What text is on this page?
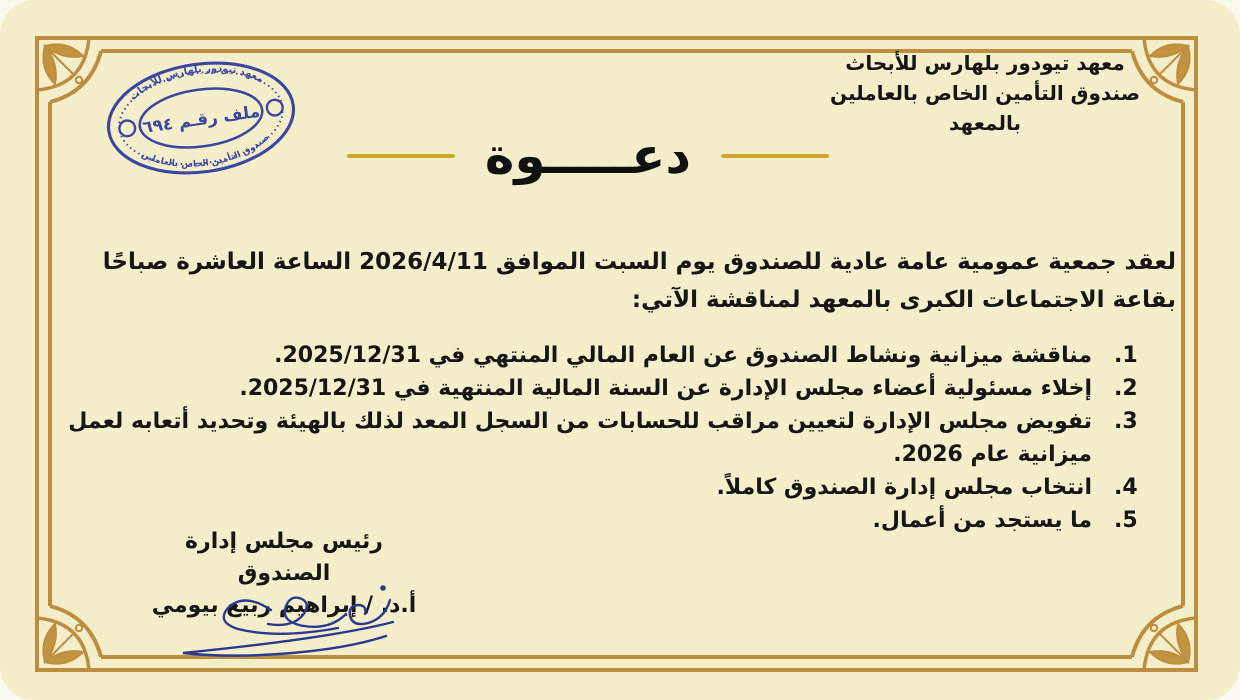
معهد تيودور بلهارس للأبحاث
صندوق التأمين الخاص بالعاملين بالمعهد
معهد تيودور بلهارس للأبحاث
صندوق التأمين الخاص بالعاملين
ملف رقـم ٦٩٤
دعـــــوة
لعقد جمعية عمومية عامة عادية للصندوق يوم السبت الموافق 2026/4/11 الساعة العاشرة صباحًا بقاعة الاجتماعات الكبرى بالمعهد لمناقشة الآتي:
1.
مناقشة ميزانية ونشاط الصندوق عن العام المالي المنتهي في 2025/12/31.
2.
إخلاء مسئولية أعضاء مجلس الإدارة عن السنة المالية المنتهية في 2025/12/31.
3.
تفويض مجلس الإدارة لتعيين مراقب للحسابات من السجل المعد لذلك بالهيئة وتحديد أتعابه لعمل ميزانية عام 2026.
4.
انتخاب مجلس إدارة الصندوق كاملاً.
5.
ما يستجد من أعمال.
رئيس مجلس إدارة الصندوق
أ.د. / إبراهيم ربيع بيومي
